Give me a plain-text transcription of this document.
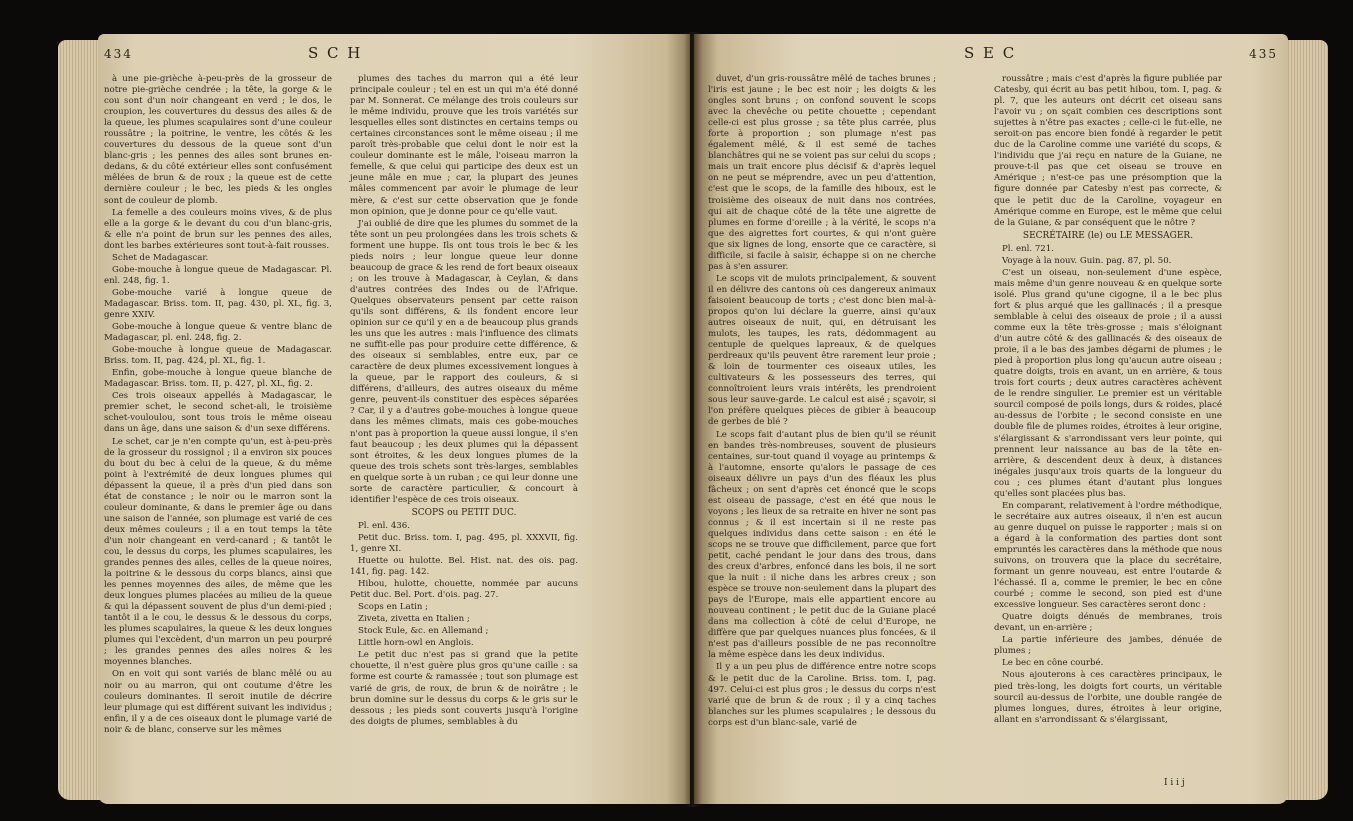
434	S C H

à une pie-grièche à-peu-près de la grosseur de notre pie-grièche cendrée ; la tête, la gorge & le cou sont d'un noir changeant en verd ; le dos, le croupion, les couvertures du dessus des ailes & de la queue, les plumes scapulaires sont d'une couleur roussâtre ; la poitrine, le ventre, les côtés & les couvertures du dessous de la queue sont d'un blanc-gris ; les pennes des ailes sont brunes en-dedans, & du côté extérieur elles sont confusément mêlées de brun & de roux ; la queue est de cette dernière couleur ; le bec, les pieds & les ongles sont de couleur de plomb.

La femelle a des couleurs moins vives, & de plus elle a la gorge & le devant du cou d'un blanc-gris, & elle n'a point de brun sur les pennes des ailes, dont les barbes extérieures sont tout-à-fait rousses.

Schet de Madagascar.

Gobe-mouche à longue queue de Madagascar. Pl. enl. 248, fig. 1.

Gobe-mouche varié à longue queue de Madagascar. Briss. tom. II, pag. 430, pl. XL, fig. 3, genre XXIV.

Gobe-mouche à longue queue & ventre blanc de Madagascar, pl. enl. 248, fig. 2.

Gobe-mouche à longue queue de Madagascar. Briss. tom. II, pag. 424, pl. XL, fig. 1.

Enfin, gobe-mouche à longue queue blanche de Madagascar. Briss. tom. II, p. 427, pl. XL, fig. 2.

Ces trois oiseaux appellés à Madagascar, le premier schet, le second schet-ali, le troisième schet-vouloulou, sont tous trois le même oiseau dans un âge, dans une saison & d'un sexe différens.

Le schet, car je n'en compte qu'un, est à-peu-près de la grosseur du rossignol ; il a environ six pouces du bout du bec à celui de la queue, & du même point à l'extrémité de deux longues plumes qui dépassent la queue, il a près d'un pied dans son état de constance ; le noir ou le marron sont la couleur dominante, & dans le premier âge ou dans une saison de l'année, son plumage est varié de ces deux mêmes couleurs ; il a en tout temps la tête d'un noir changeant en verd-canard ; & tantôt le cou, le dessus du corps, les plumes scapulaires, les grandes pennes des ailes, celles de la queue noires, la poitrine & le dessous du corps blancs, ainsi que les pennes moyennes des ailes, de même que les deux longues plumes placées au milieu de la queue & qui la dépassent souvent de plus d'un demi-pied ; tantôt il a le cou, le dessus & le dessous du corps, les plumes scapulaires, la queue & les deux longues plumes qui l'excèdent, d'un marron un peu pourpré ; les grandes pennes des ailes noires & les moyennes blanches.

On en voit qui sont variés de blanc mêlé ou au noir ou au marron, qui ont coutume d'être les couleurs dominantes. Il seroit inutile de décrire leur plumage qui est différent suivant les individus ; enfin, il y a de ces oiseaux dont le plumage varié de noir & de blanc, conserve sur les mêmes

plumes des taches du marron qui a été leur principale couleur ; tel en est un qui m'a été donné par M. Sonnerat. Ce mélange des trois couleurs sur le même individu, prouve que les trois variétés sur lesquelles elles sont distinctes en certains temps ou certaines circonstances sont le même oiseau ; il me paroît très-probable que celui dont le noir est la couleur dominante est le mâle, l'oiseau marron la femelle, & que celui qui participe des deux est un jeune mâle en mue ; car, la plupart des jeunes mâles commencent par avoir le plumage de leur mère, & c'est sur cette observation que je fonde mon opinion, que je donne pour ce qu'elle vaut.

J'ai oublié de dire que les plumes du sommet de la tête sont un peu prolongées dans les trois schets & forment une huppe. Ils ont tous trois le bec & les pieds noirs ; leur longue queue leur donne beaucoup de grace & les rend de fort beaux oiseaux ; on les trouve à Madagascar, à Ceylan, & dans d'autres contrées des Indes ou de l'Afrique. Quelques observateurs pensent par cette raison qu'ils sont différens, & ils fondent encore leur opinion sur ce qu'il y en a de beaucoup plus grands les uns que les autres : mais l'influence des climats ne suffit-elle pas pour produire cette différence, & des oiseaux si semblables, entre eux, par ce caractère de deux plumes excessivement longues à la queue, par le rapport des couleurs, & si différens, d'ailleurs, des autres oiseaux du même genre, peuvent-ils constituer des espèces séparées ? Car, il y a d'autres gobe-mouches à longue queue dans les mêmes climats, mais ces gobe-mouches n'ont pas à proportion la queue aussi longue, il s'en faut beaucoup ; les deux plumes qui la dépassent sont étroites, & les deux longues plumes de la queue des trois schets sont très-larges, semblables en quelque sorte à un ruban ; ce qui leur donne une sorte de caractère particulier, & concourt à identifier l'espèce de ces trois oiseaux.

SCOPS ou PETIT DUC.

Pl. enl. 436.

Petit duc. Briss. tom. I, pag. 495, pl. XXXVII, fig. 1, genre XI.

Huette ou hulotte. Bel. Hist. nat. des ois. pag. 141, fig. pag. 142.

Hibou, hulotte, chouette, nommée par aucuns Petit duc. Bel. Port. d'ois. pag. 27.

Scops en Latin ;

Ziveta, zivetta en Italien ;

Stock Eule, &c. en Allemand ;

Little horn-owl en Anglois.

Le petit duc n'est pas si grand que la petite chouette, il n'est guère plus gros qu'une caille : sa forme est courte & ramassée ; tout son plumage est varié de gris, de roux, de brun & de noirâtre ; le brun domine sur le dessus du corps & le gris sur le dessous ; les pieds sont couverts jusqu'à l'origine des doigts de plumes, semblables à du

S E C	435

duvet, d'un gris-roussâtre mêlé de taches brunes ; l'iris est jaune ; le bec est noir ; les doigts & les ongles sont bruns ; on confond souvent le scops avec la chevêche ou petite chouette ; cependant celle-ci est plus grosse ; sa tête plus carrée, plus forte à proportion ; son plumage n'est pas également mêlé, & il est semé de taches blanchâtres qui ne se voient pas sur celui du scops ; mais un trait encore plus décisif & d'après lequel on ne peut se méprendre, avec un peu d'attention, c'est que le scops, de la famille des hiboux, est le troisième des oiseaux de nuit dans nos contrées, qui ait de chaque côté de la tête une aigrette de plumes en forme d'oreille ; à la vérité, le scops n'a que des aigrettes fort courtes, & qui n'ont guère que six lignes de long, ensorte que ce caractère, si difficile, si facile à saisir, échappe si on ne cherche pas à s'en assurer.

Le scops vit de mulots principalement, & souvent il en délivre des cantons où ces dangereux animaux faisoient beaucoup de torts ; c'est donc bien mal-à-propos qu'on lui déclare la guerre, ainsi qu'aux autres oiseaux de nuit, qui, en détruisant les mulots, les taupes, les rats, dédommagent au centuple de quelques lapreaux, & de quelques perdreaux qu'ils peuvent être rarement leur proie ; & loin de tourmenter ces oiseaux utiles, les cultivateurs & les possesseurs des terres, qui connoîtroient leurs vrais intérêts, les prendroient sous leur sauve-garde. Le calcul est aisé ; sçavoir, si l'on préfère quelques pièces de gibier à beaucoup de gerbes de blé ?

Le scops fait d'autant plus de bien qu'il se réunit en bandes très-nombreuses, souvent de plusieurs centaines, sur-tout quand il voyage au printemps & à l'automne, ensorte qu'alors le passage de ces oiseaux délivre un pays d'un des fléaux les plus fâcheux ; on sent d'après cet énoncé que le scops est oiseau de passage, c'est en été que nous le voyons ; les lieux de sa retraite en hiver ne sont pas connus ; & il est incertain si il ne reste pas quelques individus dans cette saison : en été le scops ne se trouve que difficilement, parce que fort petit, caché pendant le jour dans des trous, dans des creux d'arbres, enfoncé dans les bois, il ne sort que la nuit : il niche dans les arbres creux ; son espèce se trouve non-seulement dans la plupart des pays de l'Europe, mais elle appartient encore au nouveau continent ; le petit duc de la Guiane placé dans ma collection à côté de celui d'Europe, ne diffère que par quelques nuances plus foncées, & il n'est pas d'ailleurs possible de ne pas reconnoître la même espèce dans les deux individus.

Il y a un peu plus de différence entre notre scops & le petit duc de la Caroline. Briss. tom. I, pag. 497. Celui-ci est plus gros ; le dessus du corps n'est varié que de brun & de roux ; il y a cinq taches blanches sur les plumes scapulaires ; le dessous du corps est d'un blanc-sale, varié de

roussâtre ; mais c'est d'après la figure publiée par Catesby, qui écrit au bas petit hibou, tom. I, pag. & pl. 7, que les auteurs ont décrit cet oiseau sans l'avoir vu ; on sçait combien ces descriptions sont sujettes à n'être pas exactes ; celle-ci le fut-elle, ne seroit-on pas encore bien fondé à regarder le petit duc de la Caroline comme une variété du scops, & l'individu que j'ai reçu en nature de la Guiane, ne prouve-t-il pas que cet oiseau se trouve en Amérique ; n'est-ce pas une présomption que la figure donnée par Catesby n'est pas correcte, & que le petit duc de la Caroline, voyageur en Amérique comme en Europe, est le même que celui de la Guiane, & par conséquent que le nôtre ?

SECRÉTAIRE (le) ou LE MESSAGER.

Pl. enl. 721.

Voyage à la nouv. Guin. pag. 87, pl. 50.

C'est un oiseau, non-seulement d'une espèce, mais même d'un genre nouveau & en quelque sorte isolé. Plus grand qu'une cigogne, il a le bec plus fort & plus arqué que les gallinacés ; il a presque semblable à celui des oiseaux de proie ; il a aussi comme eux la tête très-grosse ; mais s'éloignant d'un autre côté & des gallinacés & des oiseaux de proie, il a le bas des jambes dégarni de plumes ; le pied à proportion plus long qu'aucun autre oiseau ; quatre doigts, trois en avant, un en arrière, & tous trois fort courts ; deux autres caractères achèvent de le rendre singulier. Le premier est un véritable sourcil composé de poils longs, durs & roides, placé au-dessus de l'orbite ; le second consiste en une double file de plumes roides, étroites à leur origine, s'élargissant & s'arrondissant vers leur pointe, qui prennent leur naissance au bas de la tête en-arrière, & descendent deux à deux, à distances inégales jusqu'aux trois quarts de la longueur du cou ; ces plumes étant d'autant plus longues qu'elles sont placées plus bas.

En comparant, relativement à l'ordre méthodique, le secrétaire aux autres oiseaux, il n'en est aucun au genre duquel on puisse le rapporter ; mais si on a égard à la conformation des parties dont sont empruntés les caractères dans la méthode que nous suivons, on trouvera que la place du secrétaire, formant un genre nouveau, est entre l'outarde & l'échassé. Il a, comme le premier, le bec en cône courbé ; comme le second, son pied est d'une excessive longueur. Ses caractères seront donc :

Quatre doigts dénués de membranes, trois devant, un en-arrière ;

La partie inférieure des jambes, dénuée de plumes ;

Le bec en cône courbé.

Nous ajouterons à ces caractères principaux, le pied très-long, les doigts fort courts, un véritable sourcil au-dessus de l'orbite, une double rangée de plumes longues, dures, étroites à leur origine, allant en s'arrondissant & s'élargissant,

I i i j
